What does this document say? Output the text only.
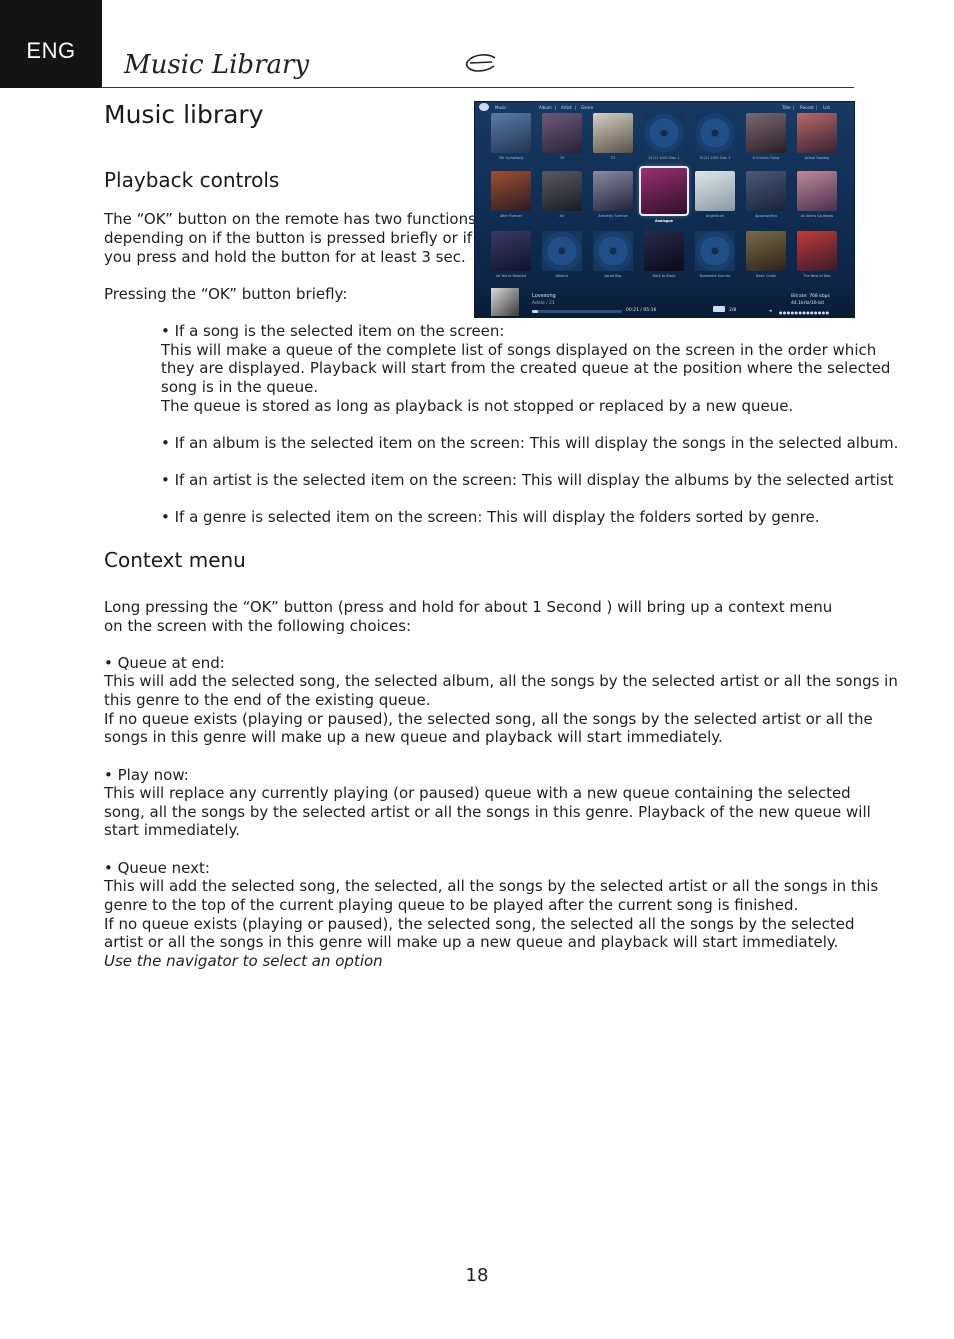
ENG	Music Library
Music library	Music	Album | Artist | Genre	Title | Recent | List
7th Symphony	19	21	01/11 1001 Disc 1	01/11 1001 Disc 2	A Curious Thing	Actual Fantasy
After Forever	Air	Amnesty Science
Analogue
Angelicum	Apocalyptica	As Aliens Go Below
As You're Washed	Atlantic	Azure Ray	Back to Black	Basement Sunrise	Basic Cards	The Best of Dan
Lovesong
Adele / 21
00:21 / 05:16	2/8
Bitrate: 768 kbps
44.1kHz/16-bit
◂ ●●●●●●●●●●●●●
Playback controls

The “OK” button on the remote has two functions

depending on if the button is pressed briefly or if

you press and hold the button for at least 3 sec.

Pressing the “OK” button briefly:

• If a song is the selected item on the screen:

This will make a queue of the complete list of songs displayed on the screen in the order which

they are displayed. Playback will start from the created queue at the position where the selected

song is in the queue.

The queue is stored as long as playback is not stopped or replaced by a new queue.

• If an album is the selected item on the screen: This will display the songs in the selected album.

• If an artist is the selected item on the screen: This will display the albums by the selected artist

• If a genre is selected item on the screen: This will display the folders sorted by genre.

Context menu

Long pressing the “OK” button (press and hold for about 1 Second ) will bring up a context menu

on the screen with the following choices:

• Queue at end:

This will add the selected song, the selected album, all the songs by the selected artist or all the songs in

this genre to the end of the existing queue.

If no queue exists (playing or paused), the selected song, all the songs by the selected artist or all the

songs in this genre will make up a new queue and playback will start immediately.

• Play now:

This will replace any currently playing (or paused) queue with a new queue containing the selected

song, all the songs by the selected artist or all the songs in this genre. Playback of the new queue will

start immediately.

• Queue next:

This will add the selected song, the selected, all the songs by the selected artist or all the songs in this

genre to the top of the current playing queue to be played after the current song is finished.

If no queue exists (playing or paused), the selected song, the selected all the songs by the selected

artist or all the songs in this genre will make up a new queue and playback will start immediately.

Use the navigator to select an option

18
